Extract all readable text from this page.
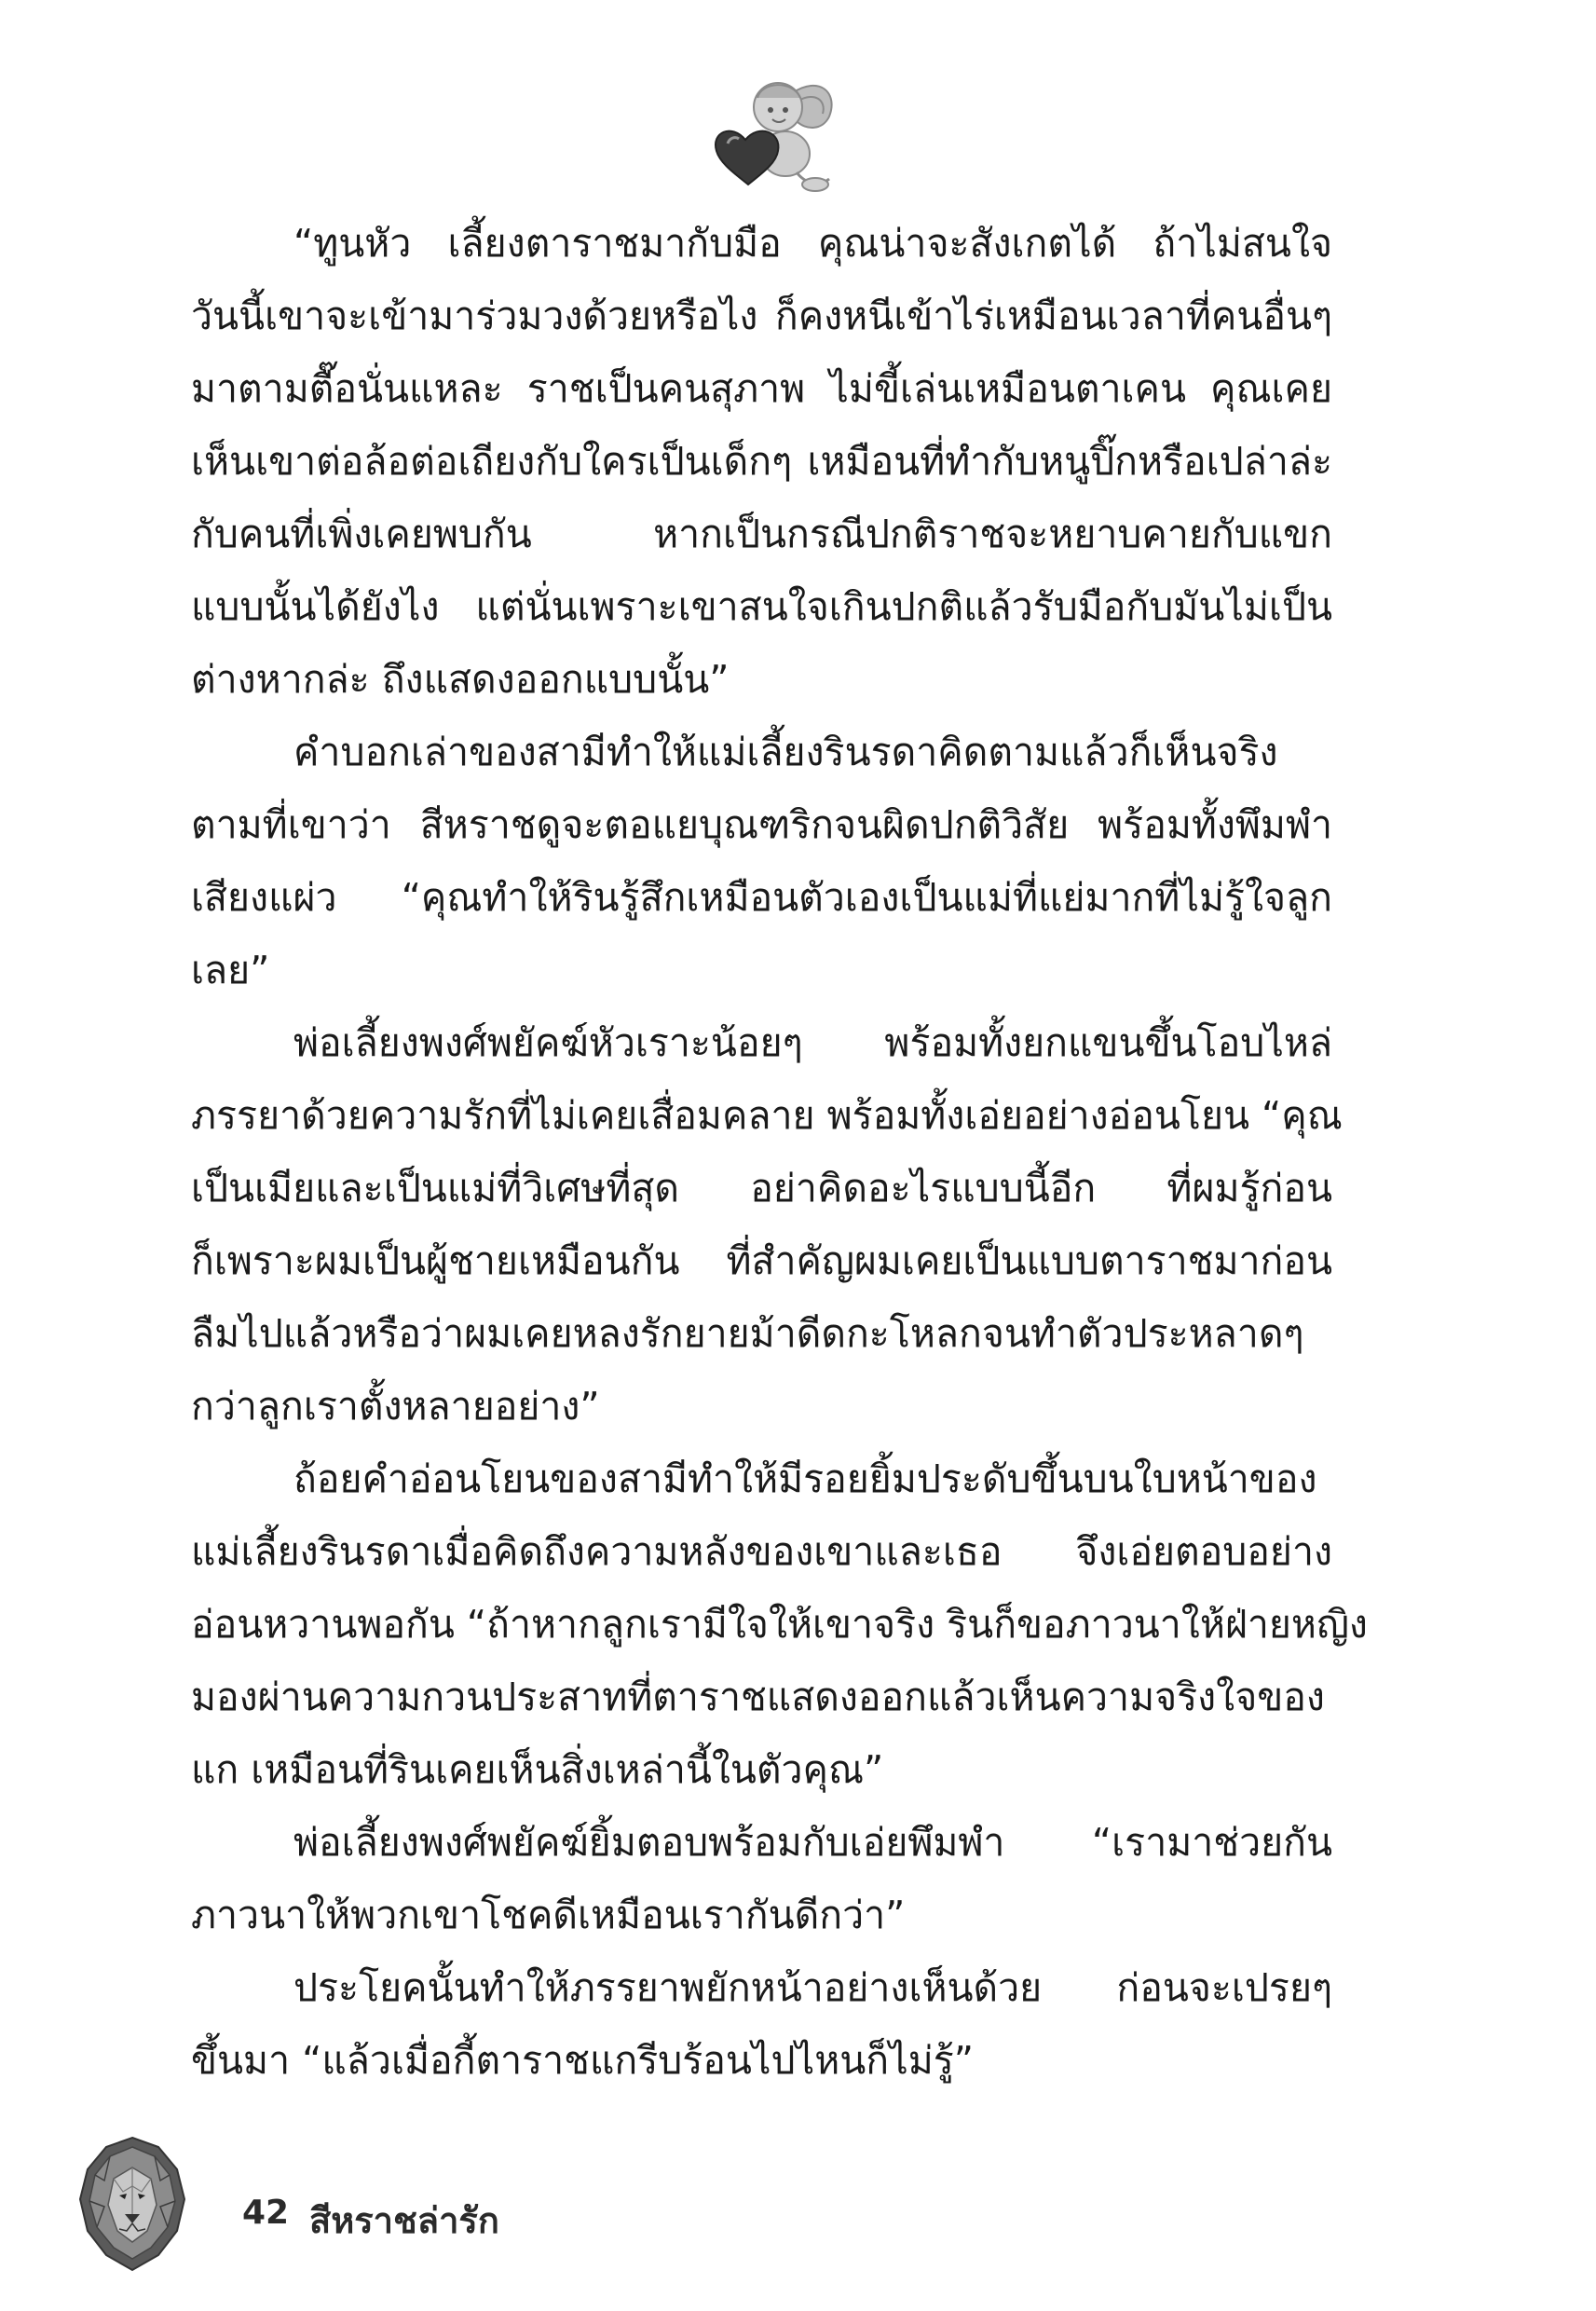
“ทูนหัว เลี้ยงตาราชมากับมือ คุณน่าจะสังเกตได้ ถ้าไม่สนใจ
วันนี้เขาจะเข้ามาร่วมวงด้วยหรือไง ก็คงหนีเข้าไร่เหมือนเวลาที่คนอื่นๆ
มาตามตื๊อนั่นแหละ ราชเป็นคนสุภาพ ไม่ขี้เล่นเหมือนตาเคน คุณเคย
เห็นเขาต่อล้อต่อเถียงกับใครเป็นเด็กๆ เหมือนที่ทำกับหนูปิ๊กหรือเปล่าล่ะ
กับคนที่เพิ่งเคยพบกัน หากเป็นกรณีปกติราชจะหยาบคายกับแขก
แบบนั้นได้ยังไง แต่นั่นเพราะเขาสนใจเกินปกติแล้วรับมือกับมันไม่เป็น
ต่างหากล่ะ ถึงแสดงออกแบบนั้น”

คำบอกเล่าของสามีทำให้แม่เลี้ยงรินรดาคิดตามแล้วก็เห็นจริง
ตามที่เขาว่า สีหราชดูจะตอแยบุณฑริกจนผิดปกติวิสัย พร้อมทั้งพึมพำ
เสียงแผ่ว “คุณทำให้รินรู้สึกเหมือนตัวเองเป็นแม่ที่แย่มากที่ไม่รู้ใจลูก
เลย”

พ่อเลี้ยงพงศ์พยัคฆ์หัวเราะน้อยๆ พร้อมทั้งยกแขนขึ้นโอบไหล่
ภรรยาด้วยความรักที่ไม่เคยเสื่อมคลาย พร้อมทั้งเอ่ยอย่างอ่อนโยน “คุณ
เป็นเมียและเป็นแม่ที่วิเศษที่สุด อย่าคิดอะไรแบบนี้อีก ที่ผมรู้ก่อน
ก็เพราะผมเป็นผู้ชายเหมือนกัน ที่สำคัญผมเคยเป็นแบบตาราชมาก่อน
ลืมไปแล้วหรือว่าผมเคยหลงรักยายม้าดีดกะโหลกจนทำตัวประหลาดๆ
กว่าลูกเราตั้งหลายอย่าง”

ถ้อยคำอ่อนโยนของสามีทำให้มีรอยยิ้มประดับขึ้นบนใบหน้าของ
แม่เลี้ยงรินรดาเมื่อคิดถึงความหลังของเขาและเธอ จึงเอ่ยตอบอย่าง
อ่อนหวานพอกัน “ถ้าหากลูกเรามีใจให้เขาจริง รินก็ขอภาวนาให้ฝ่ายหญิง
มองผ่านความกวนประสาทที่ตาราชแสดงออกแล้วเห็นความจริงใจของ
แก เหมือนที่รินเคยเห็นสิ่งเหล่านี้ในตัวคุณ”

พ่อเลี้ยงพงศ์พยัคฆ์ยิ้มตอบพร้อมกับเอ่ยพึมพำ “เรามาช่วยกัน
ภาวนาให้พวกเขาโชคดีเหมือนเรากันดีกว่า”

ประโยคนั้นทำให้ภรรยาพยักหน้าอย่างเห็นด้วย ก่อนจะเปรยๆ
ขึ้นมา “แล้วเมื่อกี้ตาราชแกรีบร้อนไปไหนก็ไม่รู้”

42 สีหราชล่ารัก
